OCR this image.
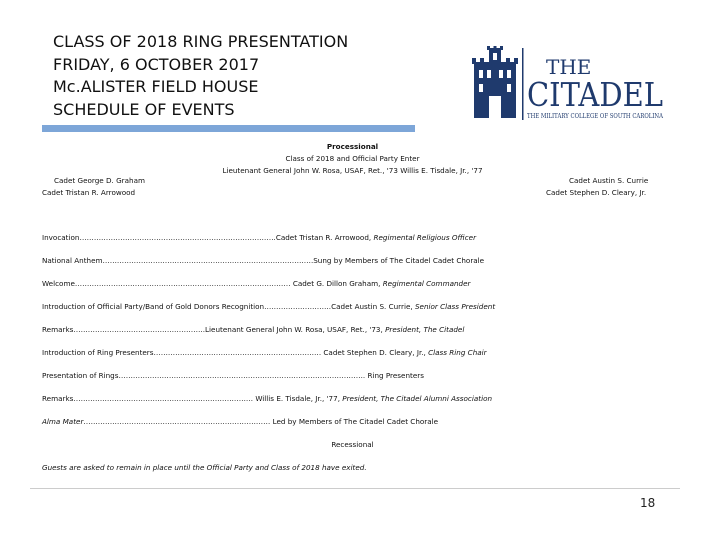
CLASS OF 2018 RING PRESENTATION
FRIDAY, 6 OCTOBER 2017
Mc.ALISTER FIELD HOUSE
SCHEDULE OF EVENTS
THE
CITADEL
THE MILITARY COLLEGE OF SOUTH CAROLINA
Processional
Class of 2018 and Official Party Enter
Lieutenant General John W. Rosa, USAF, Ret., '73 Willis E. Tisdale, Jr., '77
Cadet George D. Graham
Cadet Tristan R. Arrowood
Cadet Austin S. Currie
Cadet Stephen D. Cleary, Jr.
Invocation……………………………………………………………………….Cadet Tristan R. Arrowood, Regimental Religious Officer
National Anthem…………………………………………………………………………….Sung by Members of The Citadel Cadet Chorale
Welcome……………………………………………………………………………… Cadet G. Dillon Graham, Regimental Commander
Introduction of Official Party/Band of Gold Donors Recognition……………………….Cadet Austin S. Currie, Senior Class President
Remarks……………………………………………….Lieutenant General John W. Rosa, USAF, Ret., '73, President, The Citadel
Introduction of Ring Presenters……………………………………………………………. Cadet Stephen D. Cleary, Jr., Class Ring Chair
Presentation of Rings…………………………………………………………………………………………. Ring Presenters
Remarks………………………………………………………………… Willis E. Tisdale, Jr., '77, President, The Citadel Alumni Association
Alma Mater…………………………………………………………………… Led by Members of The Citadel Cadet Chorale
Recessional
Guests are asked to remain in place until the Official Party and Class of 2018 have exited.
18
